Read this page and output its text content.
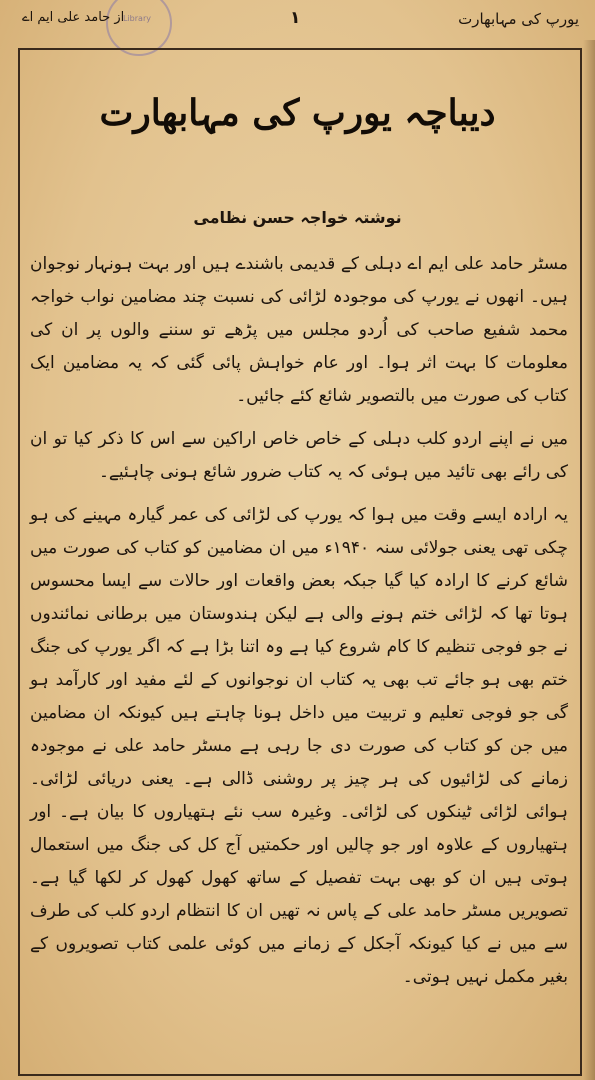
Library	یورپ کی مہابھارت
١
از حامد علی ایم اے
دیباچہ یورپ کی مہابھارت
نوشتہ خواجہ حسن نظامی

مسٹر حامد علی ایم اے دہلی کے قدیمی باشندے ہیں اور بہت ہونہار نوجوان ہیں۔ انھوں نے یورپ کی موجودہ لڑائی کی نسبت چند مضامین نواب خواجہ محمد شفیع صاحب کی اُردو مجلس میں پڑھے تو سننے والوں پر ان کی معلومات کا بہت اثر ہوا۔ اور عام خواہش پائی گئی کہ یہ مضامین ایک کتاب کی صورت میں بالتصویر شائع کئے جائیں۔

میں نے اپنے اردو کلب دہلی کے خاص خاص اراکین سے اس کا ذکر کیا تو ان کی رائے بھی تائید میں ہوئی کہ یہ کتاب ضرور شائع ہونی چاہئیے۔

یہ ارادہ ایسے وقت میں ہوا کہ یورپ کی لڑائی کی عمر گیارہ مہینے کی ہو چکی تھی یعنی جولائی سنہ ۱۹۴۰ء میں ان مضامین کو کتاب کی صورت میں شائع کرنے کا ارادہ کیا گیا جبکہ بعض واقعات اور حالات سے ایسا محسوس ہوتا تھا کہ لڑائی ختم ہونے والی ہے لیکن ہندوستان میں برطانی نمائندوں نے جو فوجی تنظیم کا کام شروع کیا ہے وہ اتنا بڑا ہے کہ اگر یورپ کی جنگ ختم بھی ہو جائے تب بھی یہ کتاب ان نوجوانوں کے لئے مفید اور کارآمد ہو گی جو فوجی تعلیم و تربیت میں داخل ہونا چاہتے ہیں کیونکہ ان مضامین میں جن کو کتاب کی صورت دی جا رہی ہے مسٹر حامد علی نے موجودہ زمانے کی لڑائیوں کی ہر چیز پر روشنی ڈالی ہے۔ یعنی دریائی لڑائی۔ ہوائی لڑائی ٹینکوں کی لڑائی۔ وغیرہ سب نئے ہتھیاروں کا بیان ہے۔ اور ہتھیاروں کے علاوہ اور جو چالیں اور حکمتیں آج کل کی جنگ میں استعمال ہوتی ہیں ان کو بھی بہت تفصیل کے ساتھ کھول کھول کر لکھا گیا ہے۔ تصویریں مسٹر حامد علی کے پاس نہ تھیں ان کا انتظام اردو کلب کی طرف سے میں نے کیا کیونکہ آجکل کے زمانے میں کوئی علمی کتاب تصویروں کے بغیر مکمل نہیں ہوتی۔
